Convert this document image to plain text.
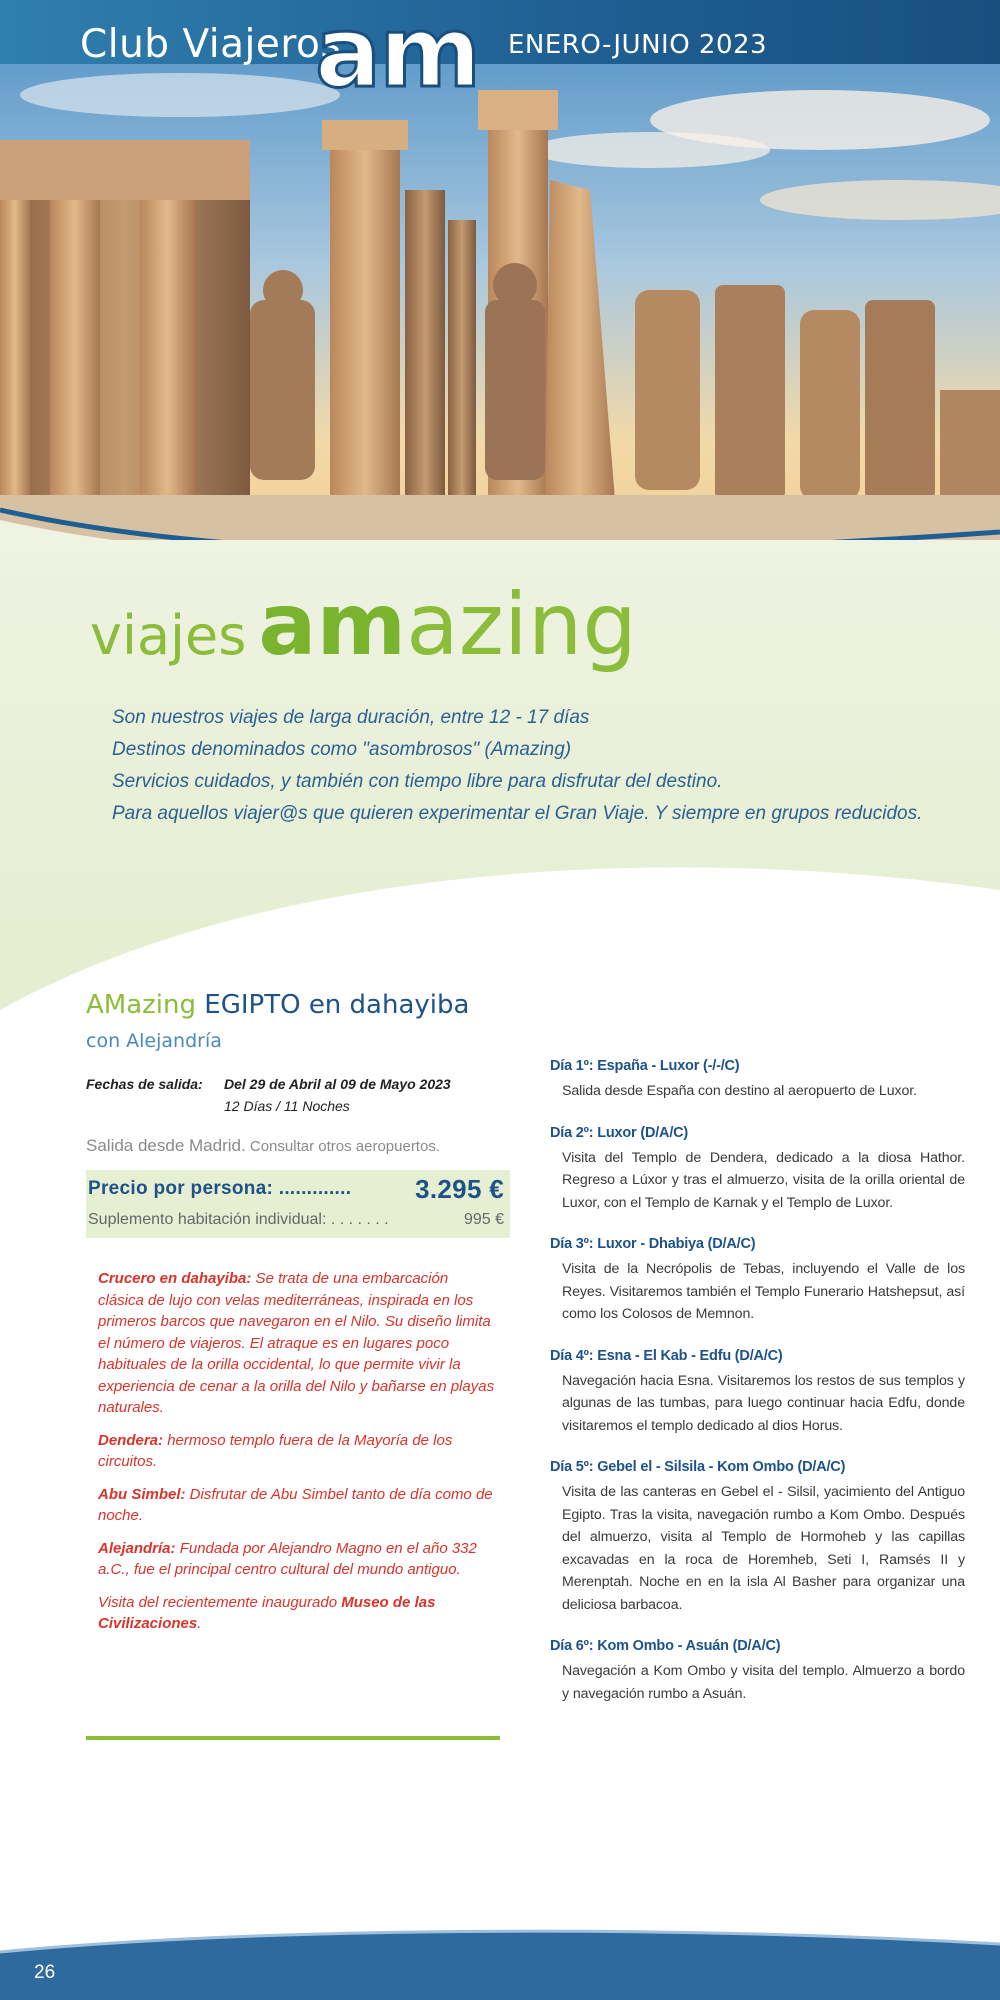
Club Viajeros
am ENERO-JUNIO 2023
viajes amazing
Son nuestros viajes de larga duración, entre 12 - 17 días
Destinos denominados como "asombrosos" (Amazing)
Servicios cuidados, y también con tiempo libre para disfrutar del destino.
Para aquellos viajer@s que quieren experimentar el Gran Viaje. Y siempre en grupos reducidos.
AMazing EGIPTO en dahayiba
con Alejandría
Fechas de salida: Del 29 de Abril al 09 de Mayo 2023
12 Días / 11 Noches
Salida desde Madrid. Consultar otros aeropuertos.
Precio por persona: ............. 3.295 €
Suplemento habitación individual: . . . . . . .	995 €

Crucero en dahayiba: Se trata de una embarcación clásica de lujo con velas mediterráneas, inspirada en los primeros barcos que navegaron en el Nilo. Su diseño limita el número de viajeros. El atraque es en lugares poco habituales de la orilla occidental, lo que permite vivir la experiencia de cenar a la orilla del Nilo y bañarse en playas naturales.

Dendera: hermoso templo fuera de la Mayoría de los circuitos.

Abu Simbel: Disfrutar de Abu Simbel tanto de día como de noche.

Alejandría: Fundada por Alejandro Magno en el año 332 a.C., fue el principal centro cultural del mundo antiguo.

Visita del recientemente inaugurado Museo de las Civilizaciones.

Día 1º: España - Luxor (-/-/C)
Salida desde España con destino al aeropuerto de Luxor.
Día 2º: Luxor (D/A/C)
Visita del Templo de Dendera, dedicado a la diosa Hathor. Regreso a Lúxor y tras el almuerzo, visita de la orilla oriental de Luxor, con el Templo de Karnak y el Templo de Luxor.
Día 3º: Luxor - Dhabiya (D/A/C)
Visita de la Necrópolis de Tebas, incluyendo el Valle de los Reyes. Visitaremos también el Templo Funerario Hatshepsut, así como los Colosos de Memnon.
Día 4º: Esna - El Kab - Edfu (D/A/C)
Navegación hacia Esna. Visitaremos los restos de sus templos y algunas de las tumbas, para luego continuar hacia Edfu, donde visitaremos el templo dedicado al dios Horus.
Día 5º: Gebel el - Silsila - Kom Ombo (D/A/C)
Visita de las canteras en Gebel el - Silsil, yacimiento del Antiguo Egipto. Tras la visita, navegación rumbo a Kom Ombo. Después del almuerzo, visita al Templo de Hormoheb y las capillas excavadas en la roca de Horemheb, Seti I, Ramsés II y Merenptah. Noche en en la isla Al Basher para organizar una deliciosa barbacoa.
Día 6º: Kom Ombo - Asuán (D/A/C)
Navegación a Kom Ombo y visita del templo. Almuerzo a bordo y navegación rumbo a Asuán.
26
